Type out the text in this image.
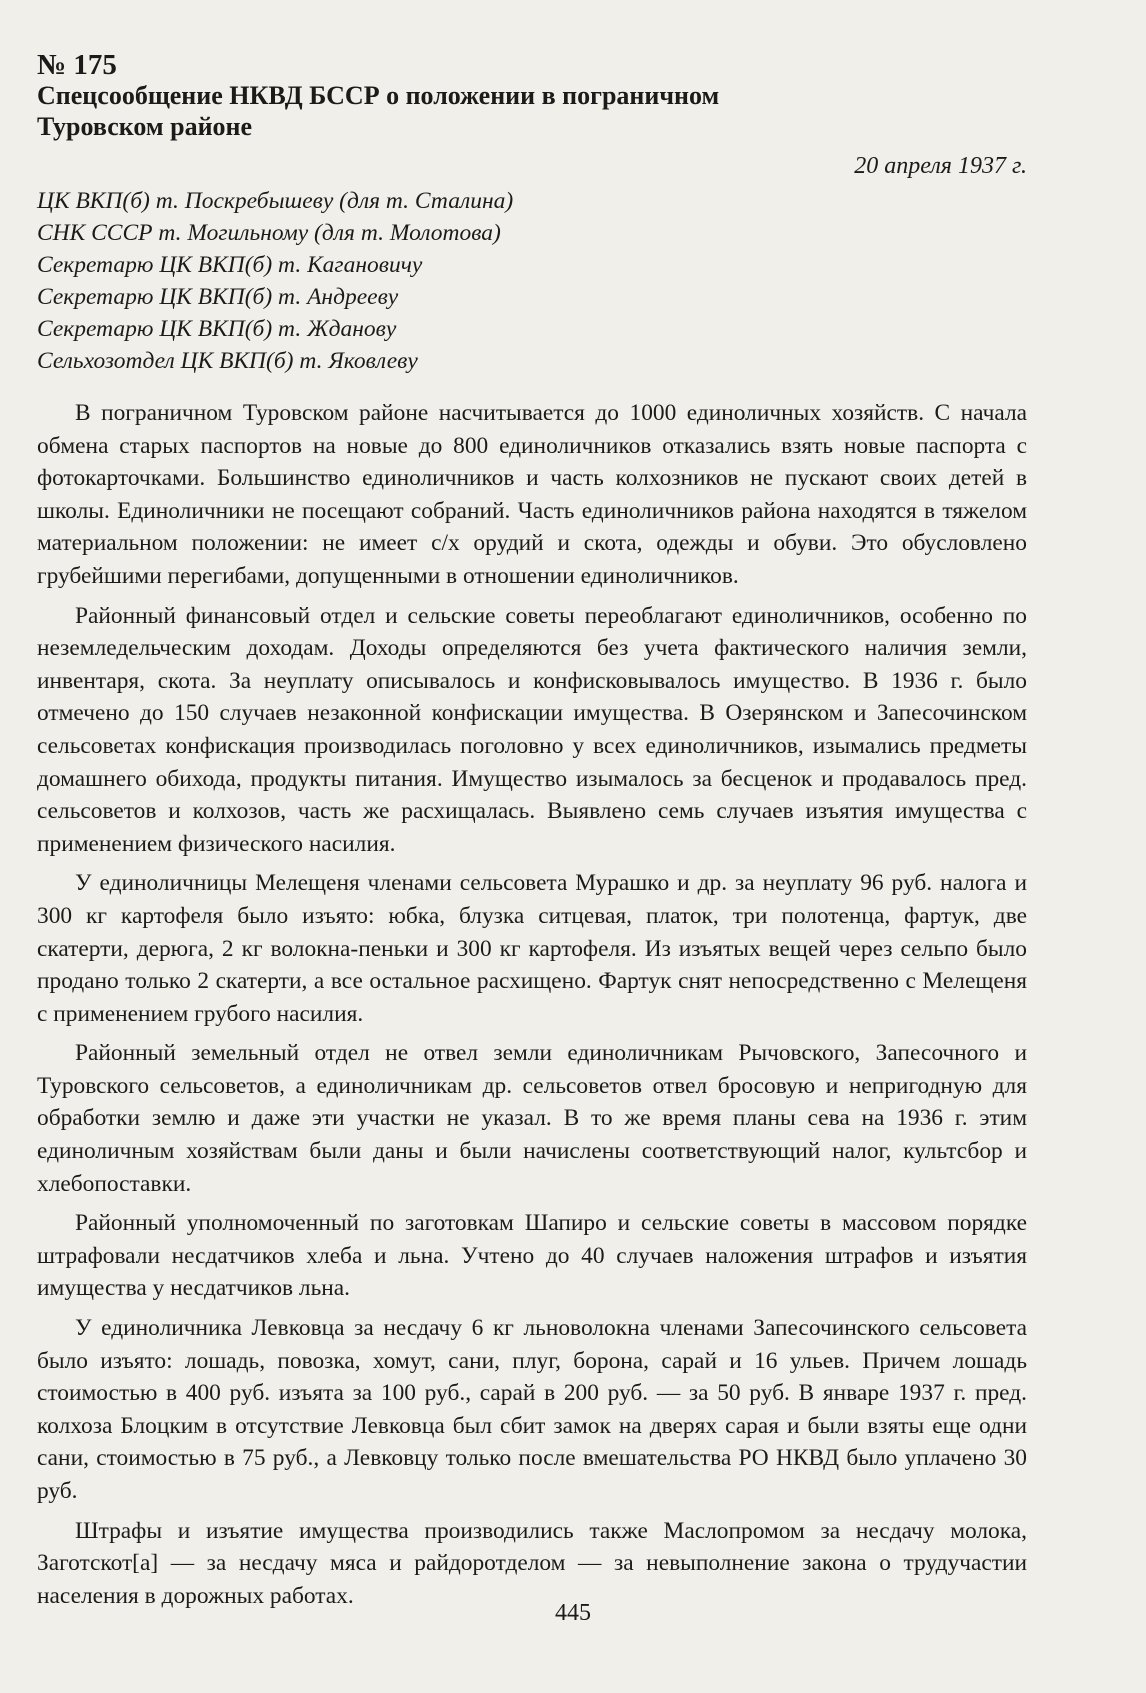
№ 175
Спецсообщение НКВД БССР о положении в пограничном
Туровском районе
20 апреля 1937 г.
ЦК ВКП(б) т. Поскребышеву (для т. Сталина)
СНК СССР т. Могильному (для т. Молотова)
Секретарю ЦК ВКП(б) т. Кагановичу
Секретарю ЦК ВКП(б) т. Андрееву
Секретарю ЦК ВКП(б) т. Жданову
Сельхозотдел ЦК ВКП(б) т. Яковлеву

В пограничном Туровском районе насчитывается до 1000 единоличных хозяйств. С начала обмена старых паспортов на новые до 800 единоличников отказались взять новые паспорта с фотокарточками. Большинство единоличников и часть колхозников не пускают своих детей в школы. Единоличники не посещают собраний. Часть единоличников района находятся в тяжелом материальном положении: не имеет с/х орудий и скота, одежды и обуви. Это обусловлено грубейшими перегибами, допущенными в отношении единоличников.

Районный финансовый отдел и сельские советы переоблагают единоличников, особенно по неземледельческим доходам. Доходы определяются без учета фактического наличия земли, инвентаря, скота. За неуплату описывалось и конфисковывалось имущество. В 1936 г. было отмечено до 150 случаев незаконной конфискации имущества. В Озерянском и Запесочинском сельсоветах конфискация производилась поголовно у всех единоличников, изымались предметы домашнего обихода, продукты питания. Имущество изымалось за бесценок и продавалось пред. сельсоветов и колхозов, часть же расхищалась. Выявлено семь случаев изъятия имущества с применением физического насилия.

У единоличницы Мелещеня членами сельсовета Мурашко и др. за неуплату 96 руб. налога и 300 кг картофеля было изъято: юбка, блузка ситцевая, платок, три полотенца, фартук, две скатерти, дерюга, 2 кг волокна-пеньки и 300 кг картофеля. Из изъятых вещей через сельпо было продано только 2 скатерти, а все остальное расхищено. Фартук снят непосредственно с Мелещеня с применением грубого насилия.

Районный земельный отдел не отвел земли единоличникам Рычовского, Запесочного и Туровского сельсоветов, а единоличникам др. сельсоветов отвел бросовую и непригодную для обработки землю и даже эти участки не указал. В то же время планы сева на 1936 г. этим единоличным хозяйствам были даны и были начислены соответствующий налог, культсбор и хлебопоставки.

Районный уполномоченный по заготовкам Шапиро и сельские советы в массовом порядке штрафовали несдатчиков хлеба и льна. Учтено до 40 случаев наложения штрафов и изъятия имущества у несдатчиков льна.

У единоличника Левковца за несдачу 6 кг льноволокна членами Запесочинского сельсовета было изъято: лошадь, повозка, хомут, сани, плуг, борона, сарай и 16 ульев. Причем лошадь стоимостью в 400 руб. изъята за 100 руб., сарай в 200 руб. — за 50 руб. В январе 1937 г. пред. колхоза Блоцким в отсутствие Левковца был сбит замок на дверях сарая и были взяты еще одни сани, стоимостью в 75 руб., а Левковцу только после вмешательства РО НКВД было уплачено 30 руб.

Штрафы и изъятие имущества производились также Маслопромом за несдачу молока, Заготскот[а] — за несдачу мяса и райдоротделом — за невыполнение закона о трудучастии населения в дорожных работах.

445
